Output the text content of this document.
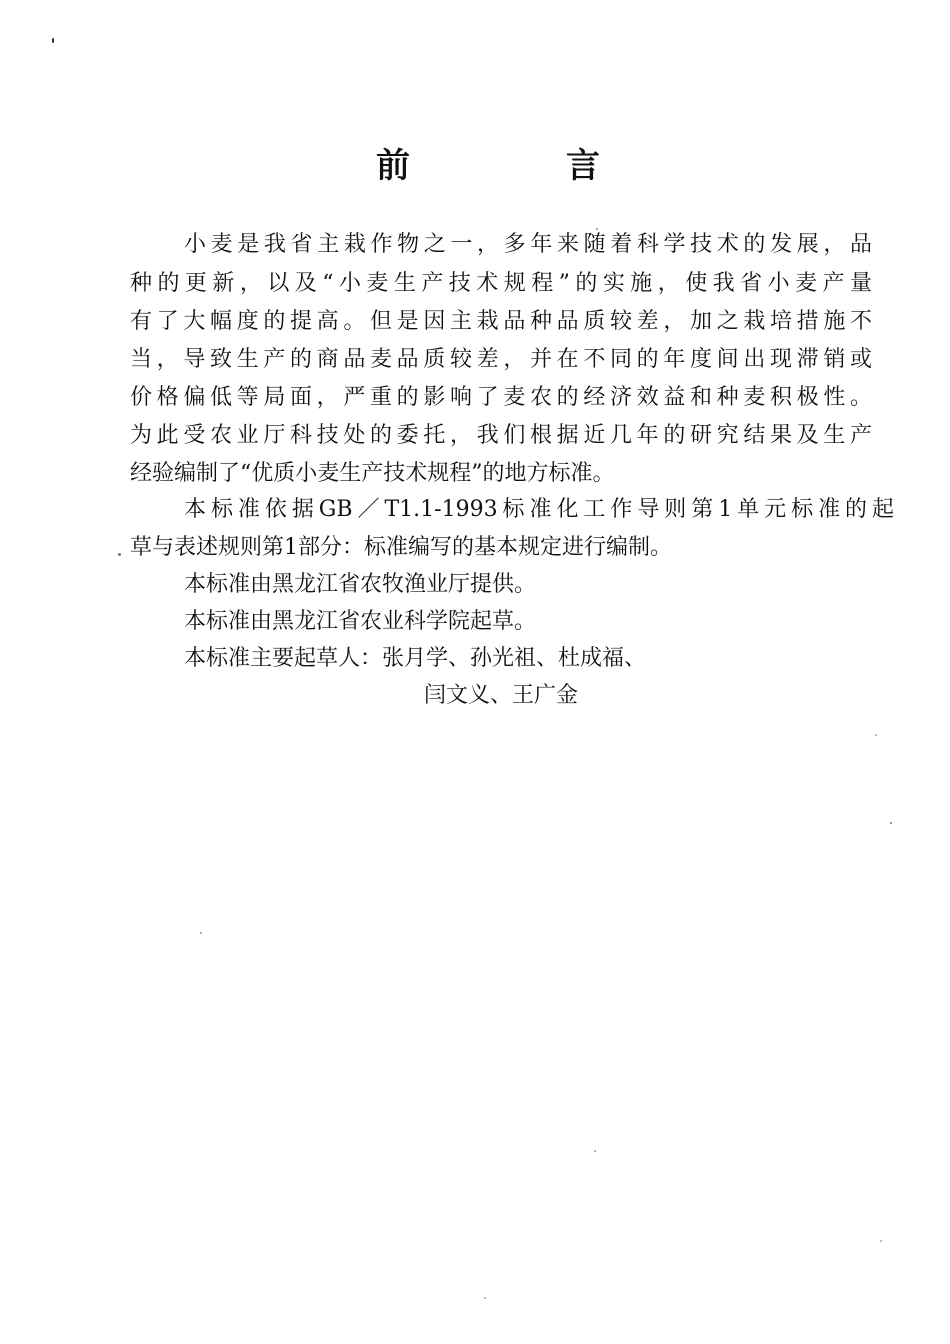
前	言
小麦是我省主栽作物之一，多年来随着科学技术的发展，品
种的更新，以及“小麦生产技术规程”的实施，使我省小麦产量
有了大幅度的提高。但是因主栽品种品质较差，加之栽培措施不
当，导致生产的商品麦品质较差，并在不同的年度间出现滞销或
价格偏低等局面，严重的影响了麦农的经济效益和种麦积极性。
为此受农业厅科技处的委托，我们根据近几年的研究结果及生产
经验编制了“优质小麦生产技术规程”的地方标准。
本标准依据GB／T1.1-1993标准化工作导则第1单元标准的起
草与表述规则第1部分：标准编写的基本规定进行编制。
本标准由黑龙江省农牧渔业厅提供。
本标准由黑龙江省农业科学院起草。
本标准主要起草人：张月学、孙光祖、杜成福、
闫文义、王广金
